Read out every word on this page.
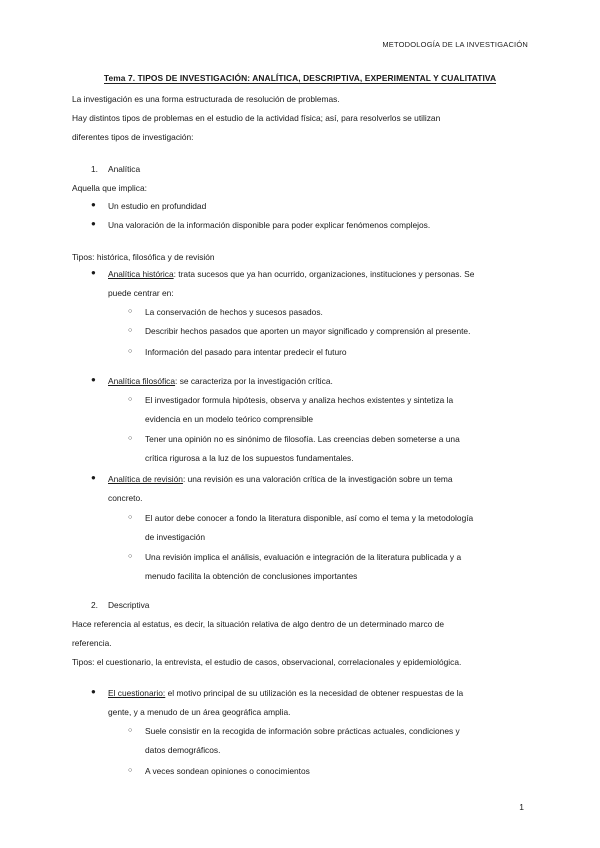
METODOLOGÍA DE LA INVESTIGACIÓN
Tema 7. TIPOS DE INVESTIGACIÓN: ANALÍTICA, DESCRIPTIVA, EXPERIMENTAL Y CUALITATIVA
La investigación es una forma estructurada de resolución de problemas.
Hay distintos tipos de problemas en el estudio de la actividad física; así, para resolverlos se utilizan
diferentes tipos de investigación:
1. Analítica
Aquella que implica:
● Un estudio en profundidad
● Una valoración de la información disponible para poder explicar fenómenos complejos.
Tipos: histórica, filosófica y de revisión
● Analítica histórica: trata sucesos que ya han ocurrido, organizaciones, instituciones y personas. Se
puede centrar en:
○ La conservación de hechos y sucesos pasados.
○ Describir hechos pasados que aporten un mayor significado y comprensión al presente.
○ Información del pasado para intentar predecir el futuro
● Analítica filosófica: se caracteriza por la investigación crítica.
○ El investigador formula hipótesis, observa y analiza hechos existentes y sintetiza la
evidencia en un modelo teórico comprensible
○ Tener una opinión no es sinónimo de filosofía. Las creencias deben someterse a una
crítica rigurosa a la luz de los supuestos fundamentales.
● Analítica de revisión: una revisión es una valoración crítica de la investigación sobre un tema
concreto.
○ El autor debe conocer a fondo la literatura disponible, así como el tema y la metodología
de investigación
○ Una revisión implica el análisis, evaluación e integración de la literatura publicada y a
menudo facilita la obtención de conclusiones importantes
2. Descriptiva
Hace referencia al estatus, es decir, la situación relativa de algo dentro de un determinado marco de
referencia.
Tipos: el cuestionario, la entrevista, el estudio de casos, observacional, correlacionales y epidemiológica.
● El cuestionario: el motivo principal de su utilización es la necesidad de obtener respuestas de la
gente, y a menudo de un área geográfica amplia.
○ Suele consistir en la recogida de información sobre prácticas actuales, condiciones y
datos demográficos.
○ A veces sondean opiniones o conocimientos
1
